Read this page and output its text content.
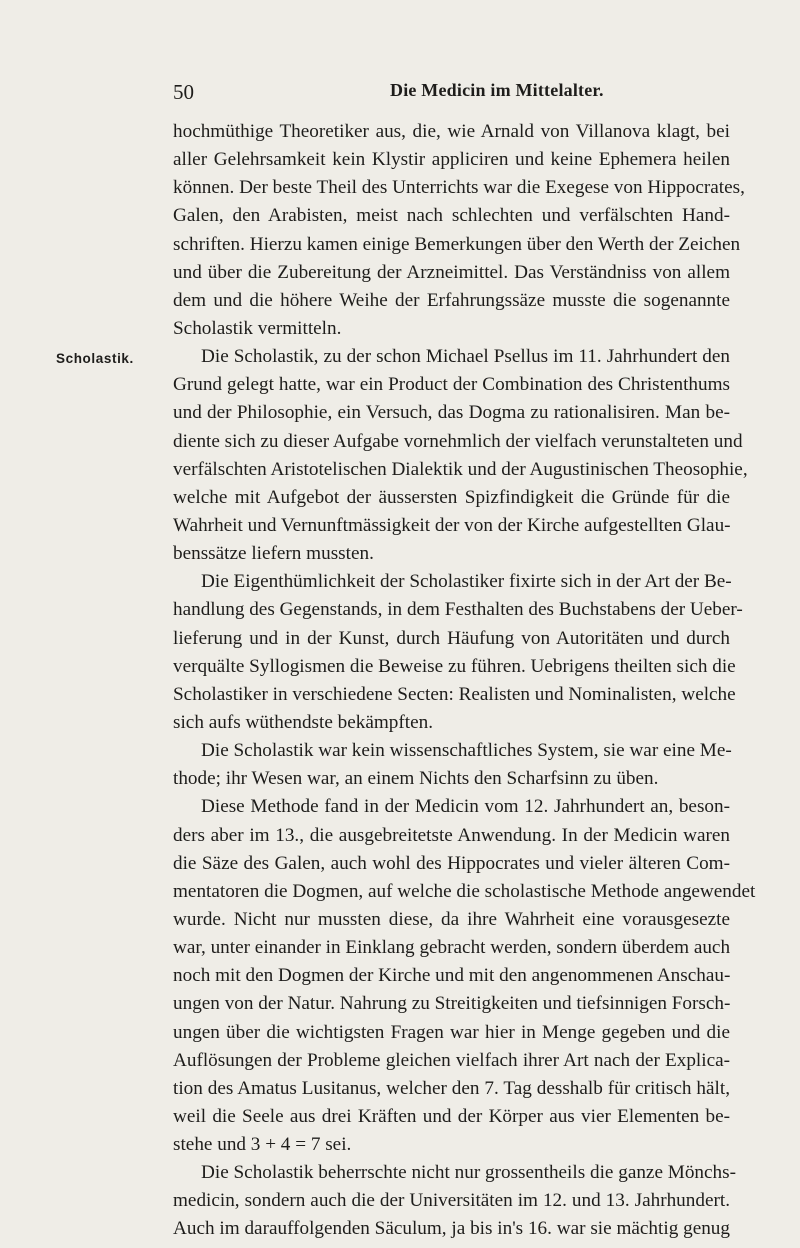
50	Die Medicin im Mittelalter.
Scholastik.
hochmüthige Theoretiker aus, die, wie Arnald von Villanova klagt, bei
aller Gelehrsamkeit kein Klystir appliciren und keine Ephemera heilen
können. Der beste Theil des Unterrichts war die Exegese von Hippocrates,
Galen, den Arabisten, meist nach schlechten und verfälschten Hand-
schriften. Hierzu kamen einige Bemerkungen über den Werth der Zeichen
und über die Zubereitung der Arzneimittel. Das Verständniss von allem
dem und die höhere Weihe der Erfahrungssäze musste die sogenannte
Scholastik vermitteln.
Die Scholastik, zu der schon Michael Psellus im 11. Jahrhundert den
Grund gelegt hatte, war ein Product der Combination des Christenthums
und der Philosophie, ein Versuch, das Dogma zu rationalisiren. Man be-
diente sich zu dieser Aufgabe vornehmlich der vielfach verunstalteten und
verfälschten Aristotelischen Dialektik und der Augustinischen Theosophie,
welche mit Aufgebot der äussersten Spizfindigkeit die Gründe für die
Wahrheit und Vernunftmässigkeit der von der Kirche aufgestellten Glau-
benssätze liefern mussten.
Die Eigenthümlichkeit der Scholastiker fixirte sich in der Art der Be-
handlung des Gegenstands, in dem Festhalten des Buchstabens der Ueber-
lieferung und in der Kunst, durch Häufung von Autoritäten und durch
verquälte Syllogismen die Beweise zu führen. Uebrigens theilten sich die
Scholastiker in verschiedene Secten: Realisten und Nominalisten, welche
sich aufs wüthendste bekämpften.
Die Scholastik war kein wissenschaftliches System, sie war eine Me-
thode; ihr Wesen war, an einem Nichts den Scharfsinn zu üben.
Diese Methode fand in der Medicin vom 12. Jahrhundert an, beson-
ders aber im 13., die ausgebreitetste Anwendung. In der Medicin waren
die Säze des Galen, auch wohl des Hippocrates und vieler älteren Com-
mentatoren die Dogmen, auf welche die scholastische Methode angewendet
wurde. Nicht nur mussten diese, da ihre Wahrheit eine vorausgesezte
war, unter einander in Einklang gebracht werden, sondern überdem auch
noch mit den Dogmen der Kirche und mit den angenommenen Anschau-
ungen von der Natur. Nahrung zu Streitigkeiten und tiefsinnigen Forsch-
ungen über die wichtigsten Fragen war hier in Menge gegeben und die
Auflösungen der Probleme gleichen vielfach ihrer Art nach der Explica-
tion des Amatus Lusitanus, welcher den 7. Tag desshalb für critisch hält,
weil die Seele aus drei Kräften und der Körper aus vier Elementen be-
stehe und 3 + 4 = 7 sei.
Die Scholastik beherrschte nicht nur grossentheils die ganze Mönchs-
medicin, sondern auch die der Universitäten im 12. und 13. Jahrhundert.
Auch im darauffolgenden Säculum, ja bis in's 16. war sie mächtig genug
